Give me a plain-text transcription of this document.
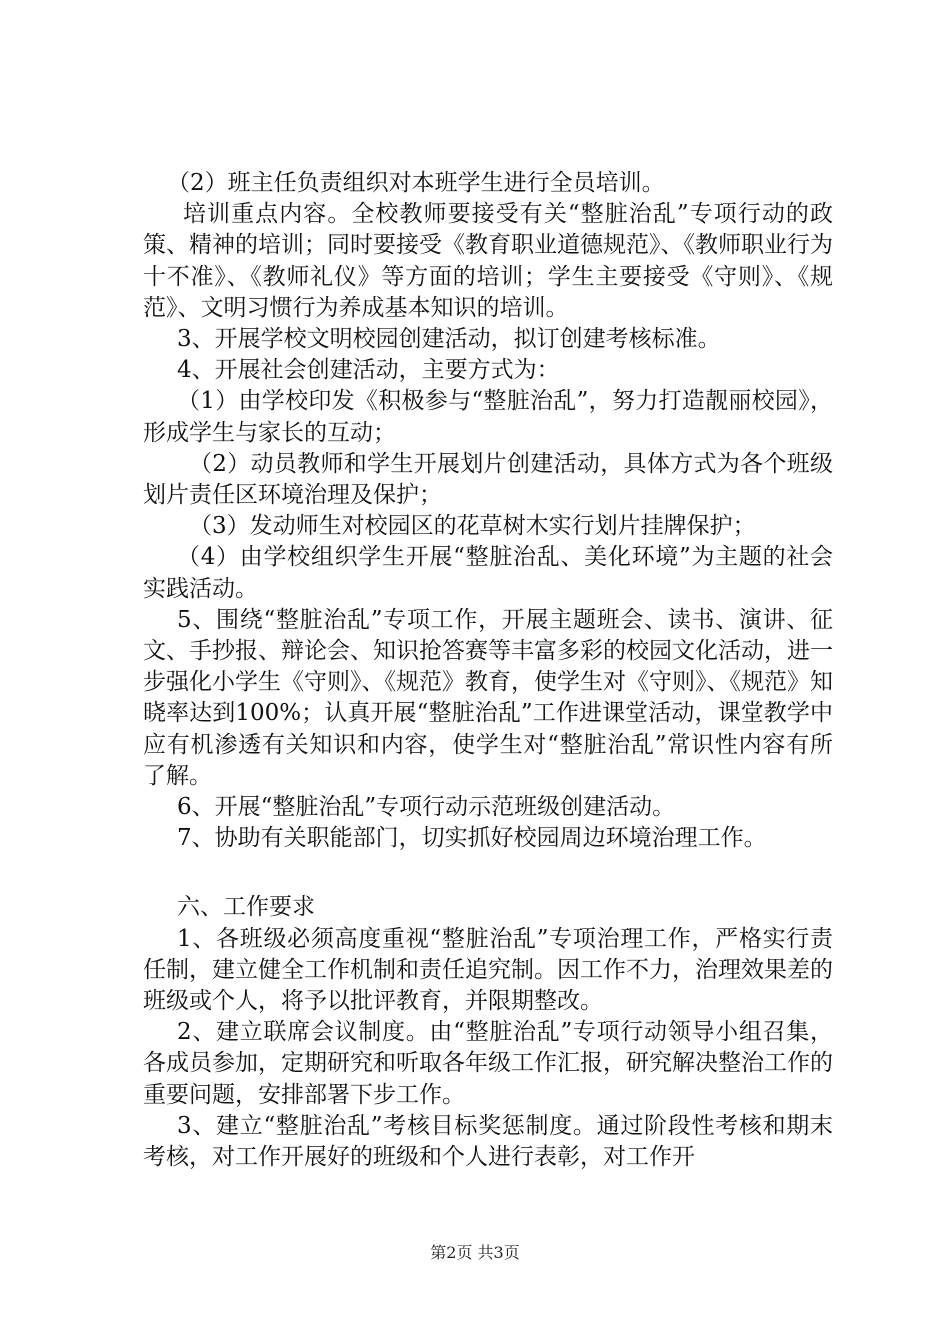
（2）班主任负责组织对本班学生进行全员培训。

培训重点内容。全校教师要接受有关“整脏治乱”专项行动的政策、精神的培训；同时要接受《教育职业道德规范》、《教师职业行为十不准》、《教师礼仪》等方面的培训；学生主要接受《守则》、《规范》、文明习惯行为养成基本知识的培训。

3、开展学校文明校园创建活动，拟订创建考核标准。

4、开展社会创建活动，主要方式为：

（1）由学校印发《积极参与“整脏治乱”，努力打造靓丽校园》，形成学生与家长的互动；

（2）动员教师和学生开展划片创建活动，具体方式为各个班级划片责任区环境治理及保护；

（3）发动师生对校园区的花草树木实行划片挂牌保护；

（4）由学校组织学生开展“整脏治乱、美化环境”为主题的社会实践活动。

5、围绕“整脏治乱”专项工作，开展主题班会、读书、演讲、征文、手抄报、辩论会、知识抢答赛等丰富多彩的校园文化活动，进一步强化小学生《守则》、《规范》教育，使学生对《守则》、《规范》知晓率达到100%；认真开展“整脏治乱”工作进课堂活动，课堂教学中应有机渗透有关知识和内容，使学生对“整脏治乱”常识性内容有所了解。

6、开展“整脏治乱”专项行动示范班级创建活动。

7、协助有关职能部门，切实抓好校园周边环境治理工作。

六、工作要求

1、各班级必须高度重视“整脏治乱”专项治理工作，严格实行责任制，建立健全工作机制和责任追究制。因工作不力，治理效果差的班级或个人，将予以批评教育，并限期整改。

2、建立联席会议制度。由“整脏治乱”专项行动领导小组召集，各成员参加，定期研究和听取各年级工作汇报，研究解决整治工作的重要问题，安排部署下步工作。

3、建立“整脏治乱”考核目标奖惩制度。通过阶段性考核和期末考核，对工作开展好的班级和个人进行表彰，对工作开

第2页 共3页
